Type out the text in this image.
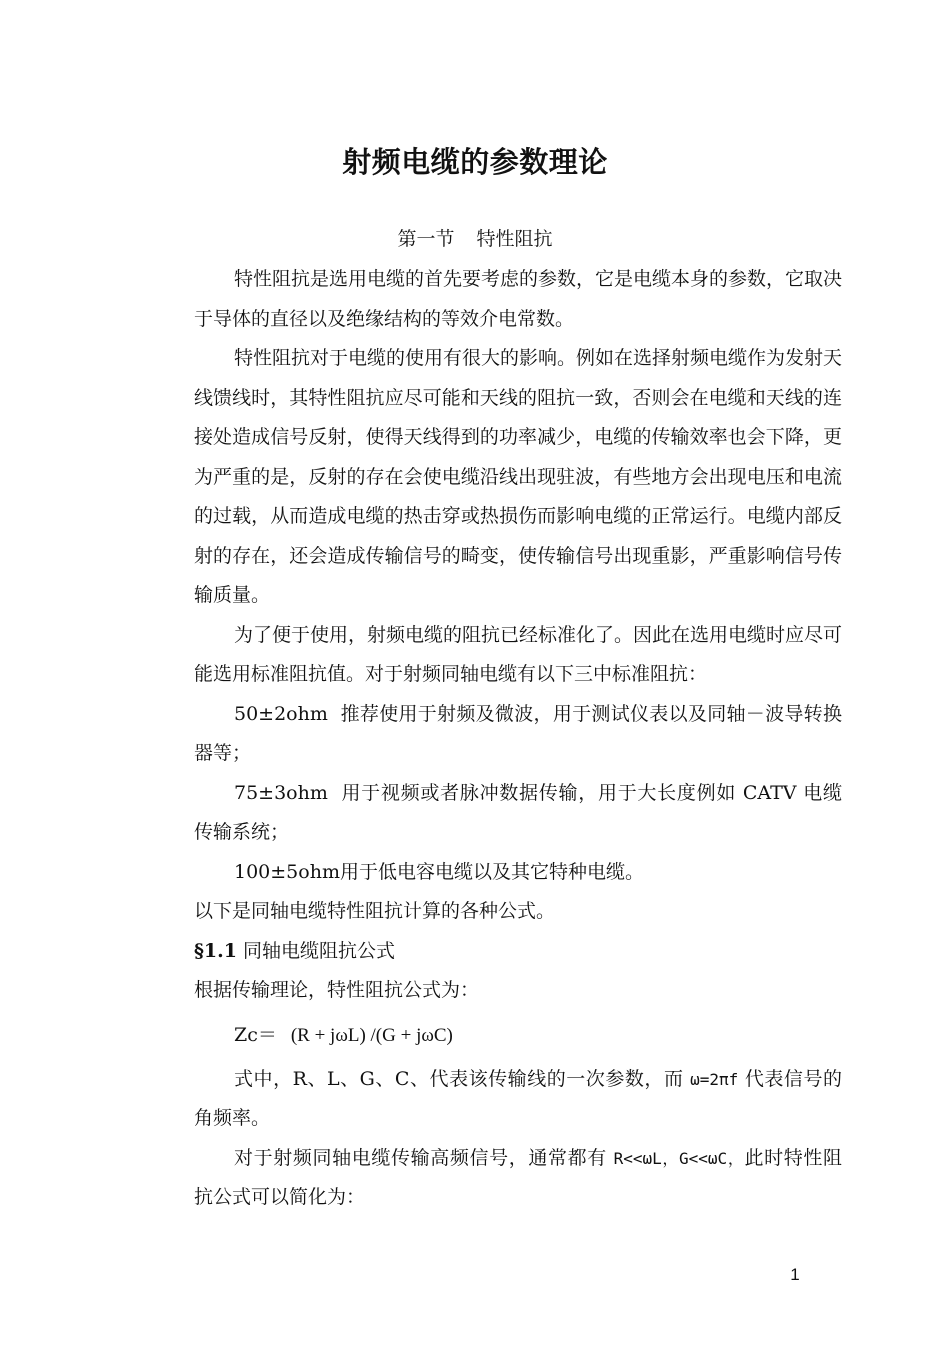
射频电缆的参数理论
第一节 特性阻抗

特性阻抗是选用电缆的首先要考虑的参数，它是电缆本身的参数，它取决于导体的直径以及绝缘结构的等效介电常数。

特性阻抗对于电缆的使用有很大的影响。例如在选择射频电缆作为发射天线馈线时，其特性阻抗应尽可能和天线的阻抗一致，否则会在电缆和天线的连接处造成信号反射，使得天线得到的功率减少，电缆的传输效率也会下降，更为严重的是，反射的存在会使电缆沿线出现驻波，有些地方会出现电压和电流的过载，从而造成电缆的热击穿或热损伤而影响电缆的正常运行。电缆内部反射的存在，还会造成传输信号的畸变，使传输信号出现重影，严重影响信号传输质量。

为了便于使用，射频电缆的阻抗已经标准化了。因此在选用电缆时应尽可能选用标准阻抗值。对于射频同轴电缆有以下三中标准阻抗：

50±2ohm 推荐使用于射频及微波，用于测试仪表以及同轴－波导转换器等；

75±3ohm 用于视频或者脉冲数据传输，用于大长度例如 CATV 电缆传输系统；

100±5ohm用于低电容电缆以及其它特种电缆。

以下是同轴电缆特性阻抗计算的各种公式。

§1.1 同轴电缆阻抗公式

根据传输理论，特性阻抗公式为：

Zc＝ (R + jωL) /(G + jωC)

式中，R、L、G、C、代表该传输线的一次参数，而 ω=2πf 代表信号的角频率。

对于射频同轴电缆传输高频信号，通常都有 R<<ωL，G<<ωC，此时特性阻抗公式可以简化为：

1
